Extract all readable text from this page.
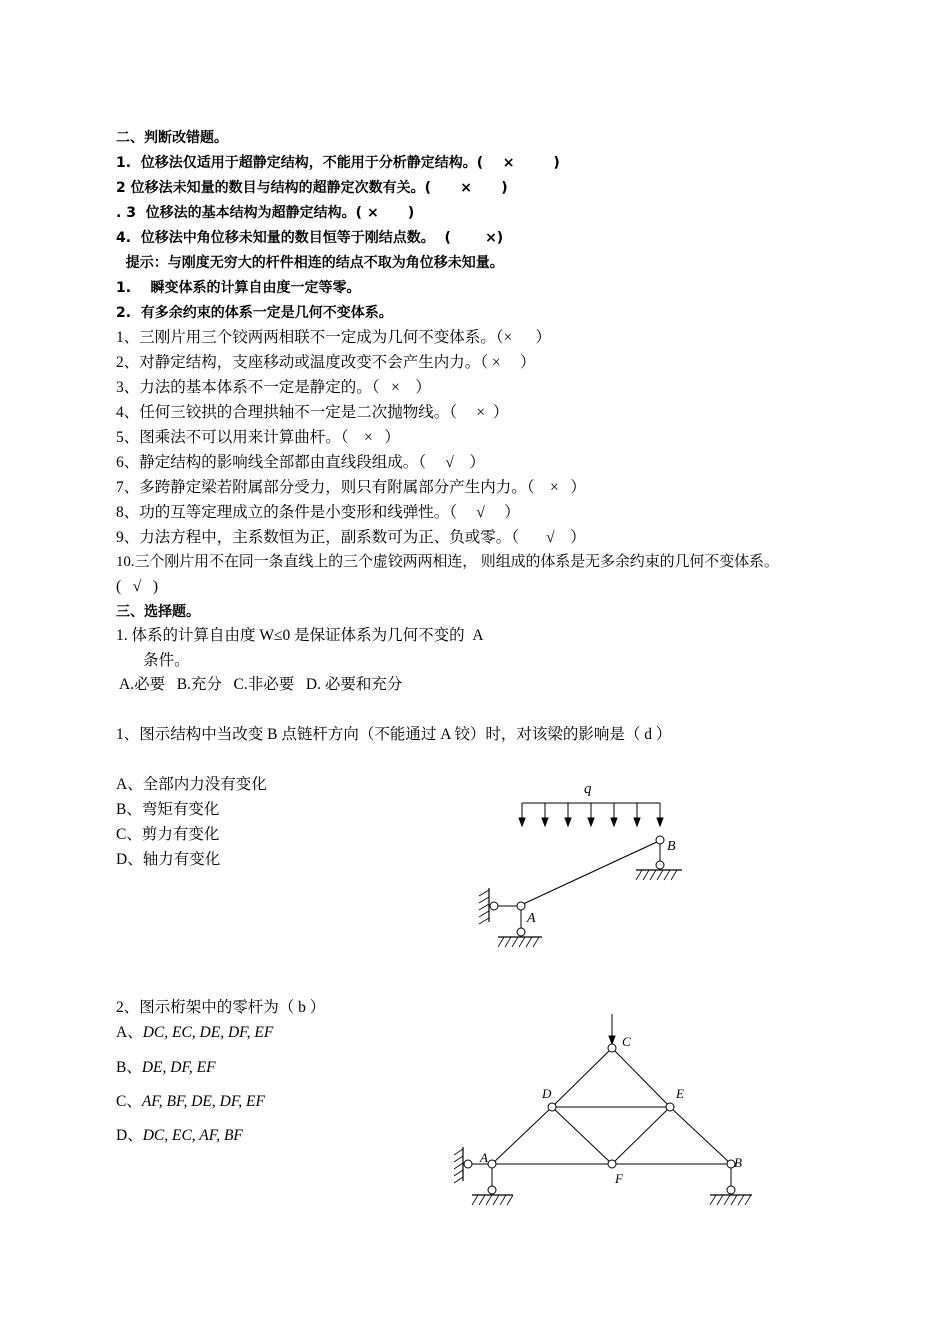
二、判断改错题。
1.  位移法仅适用于超静定结构，不能用于分析静定结构。(    ×        )
2 位移法未知量的数目与结构的超静定次数有关。(      ×      )
. 3  位移法的基本结构为超静定结构。( ×      )
4.  位移法中角位移未知量的数目恒等于刚结点数。  (       ×)
提示：与刚度无穷大的杆件相连的结点不取为角位移未知量。
1.    瞬变体系的计算自由度一定等零。
2.  有多余约束的体系一定是几何不变体系。
1、三刚片用三个铰两两相联不一定成为几何不变体系。（×      ）
2、对静定结构，支座移动或温度改变不会产生内力。（ ×     ）
3、力法的基本体系不一定是静定的。（   ×    ）
4、任何三铰拱的合理拱轴不一定是二次抛物线。（     ×  ）
5、图乘法不可以用来计算曲杆。（    ×   ）
6、静定结构的影响线全部都由直线段组成。（     √    ）
7、多跨静定梁若附属部分受力，则只有附属部分产生内力。（    ×   ）
8、功的互等定理成立的条件是小变形和线弹性。（     √     ）
9、力法方程中，主系数恒为正，副系数可为正、负或零。（       √    ）
10.三个刚片用不在同一条直线上的三个虚铰两两相连， 则组成的体系是无多余约束的几何不变体系。
(   √   )
三、选择题。
1. 体系的计算自由度 W≤0 是保证体系为几何不变的  A
条件。
A.必要   B.充分   C.非必要   D. 必要和充分
1、图示结构中当改变 B 点链杆方向（不能通过 A 铰）时，对该梁的影响是（ d ）
A、全部内力没有变化
B、弯矩有变化
C、剪力有变化
D、轴力有变化
q
B
A
2、图示桁架中的零杆为（ b ）
A、DC, EC, DE, DF, EF
B、DE, DF, EF
C、AF, BF, DE, DF, EF
D、DC, EC, AF, BF
C
D	E
F
A	B
